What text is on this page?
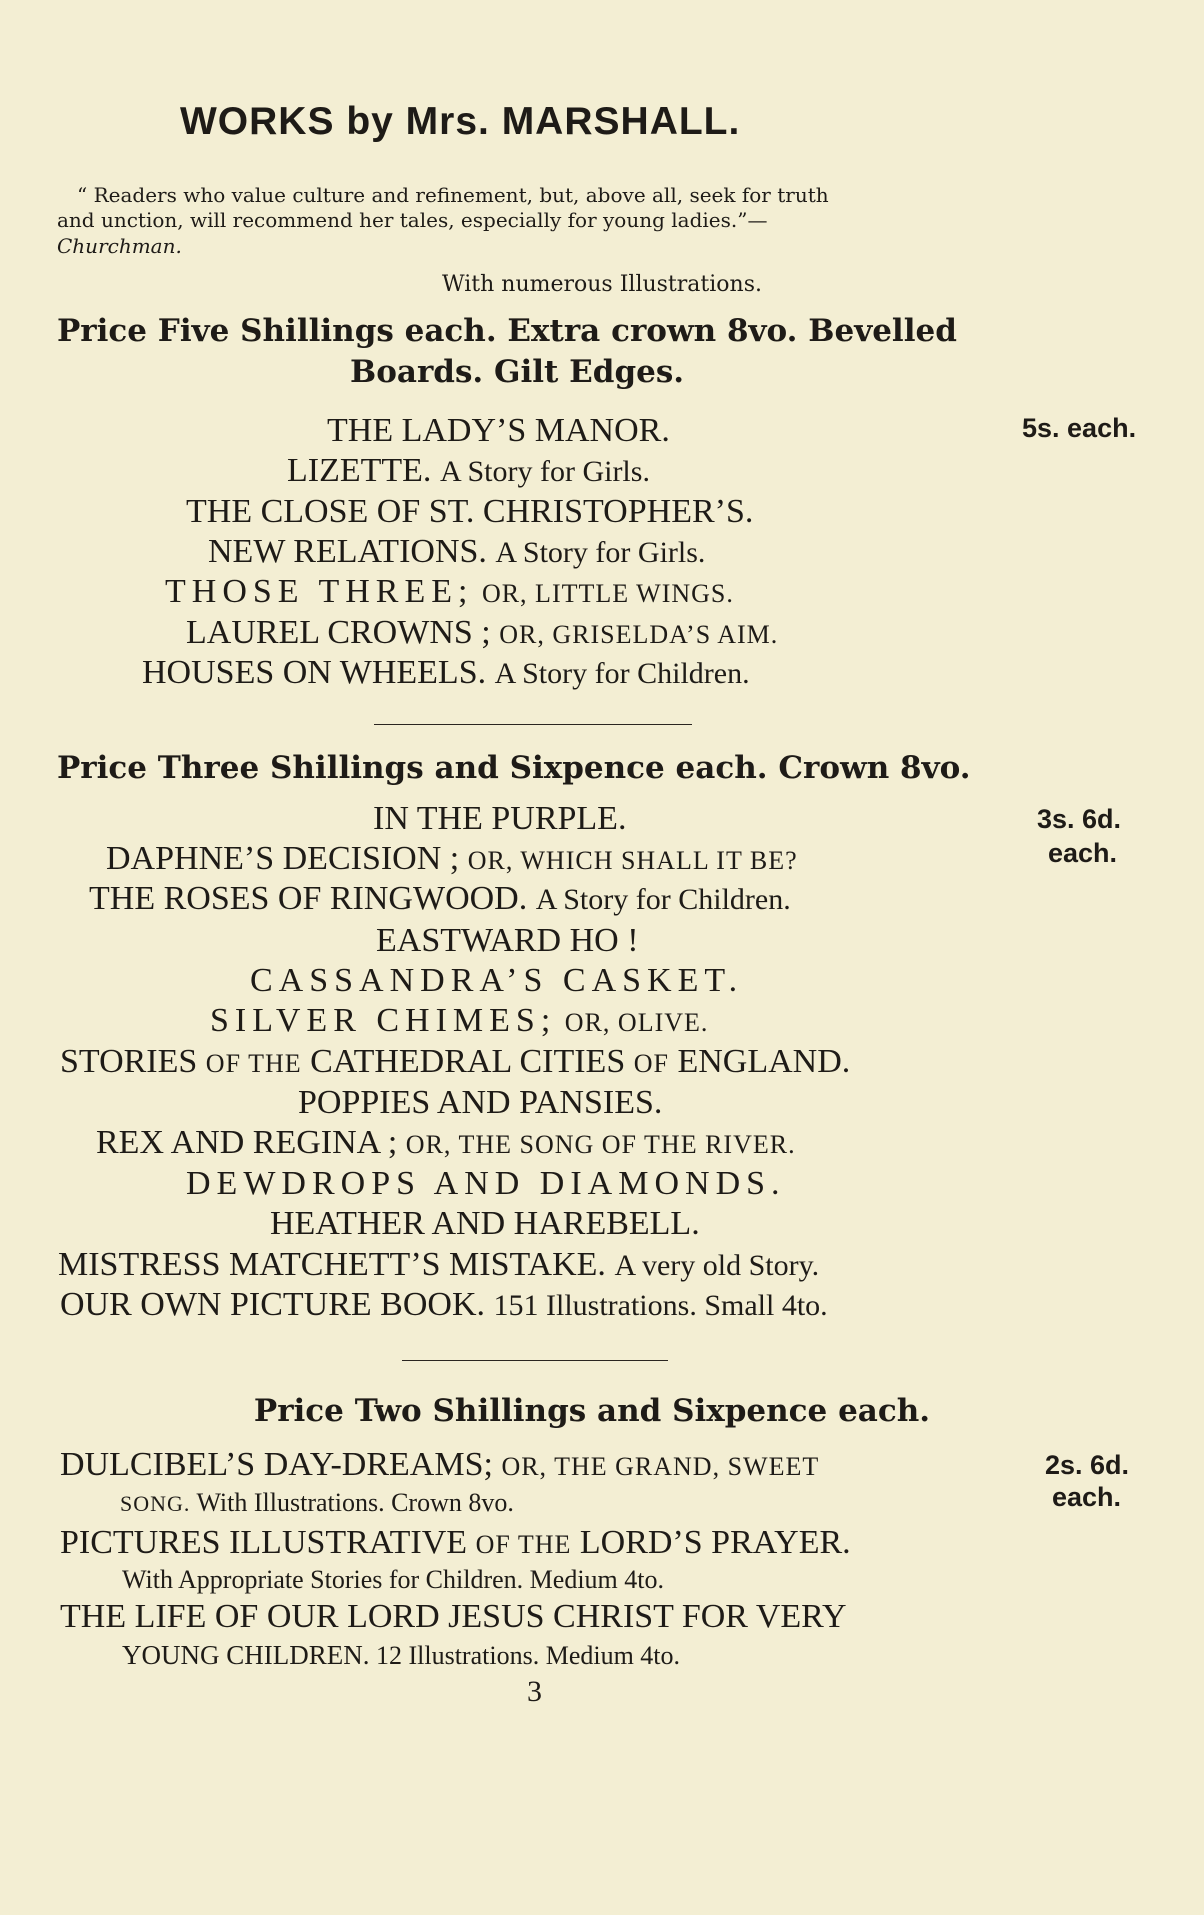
WORKS by Mrs. MARSHALL.
“ Readers who value culture and refinement, but, above all, seek for truth
and unction, will recommend her tales, especially for young ladies.”—
Churchman.
With numerous Illustrations.
Price Five Shillings each. Extra crown 8vo. Bevelled
Boards. Gilt Edges.
5s. each.
THE LADY’S MANOR.
LIZETTE. A Story for Girls.
THE CLOSE OF ST. CHRISTOPHER’S.
NEW RELATIONS. A Story for Girls.
THOSE THREE; OR, LITTLE WINGS.
LAUREL CROWNS ; OR, GRISELDA’S AIM.
HOUSES ON WHEELS. A Story for Children.
Price Three Shillings and Sixpence each. Crown 8vo.
3s. 6d.
each.
IN THE PURPLE.
DAPHNE’S DECISION ; OR, WHICH SHALL IT BE?
THE ROSES OF RINGWOOD. A Story for Children.
EASTWARD HO !
CASSANDRA’S CASKET.
SILVER CHIMES; OR, OLIVE.
STORIES OF THE CATHEDRAL CITIES OF ENGLAND.
POPPIES AND PANSIES.
REX AND REGINA ; OR, THE SONG OF THE RIVER.
DEWDROPS AND DIAMONDS.
HEATHER AND HAREBELL.
MISTRESS MATCHETT’S MISTAKE. A very old Story.
OUR OWN PICTURE BOOK. 151 Illustrations. Small 4to.
Price Two Shillings and Sixpence each.
2s. 6d.
each.
DULCIBEL’S DAY-DREAMS; OR, THE GRAND, SWEET
SONG. With Illustrations. Crown 8vo.
PICTURES ILLUSTRATIVE OF THE LORD’S PRAYER.
With Appropriate Stories for Children. Medium 4to.
THE LIFE OF OUR LORD JESUS CHRIST FOR VERY
YOUNG CHILDREN. 12 Illustrations. Medium 4to.
3
